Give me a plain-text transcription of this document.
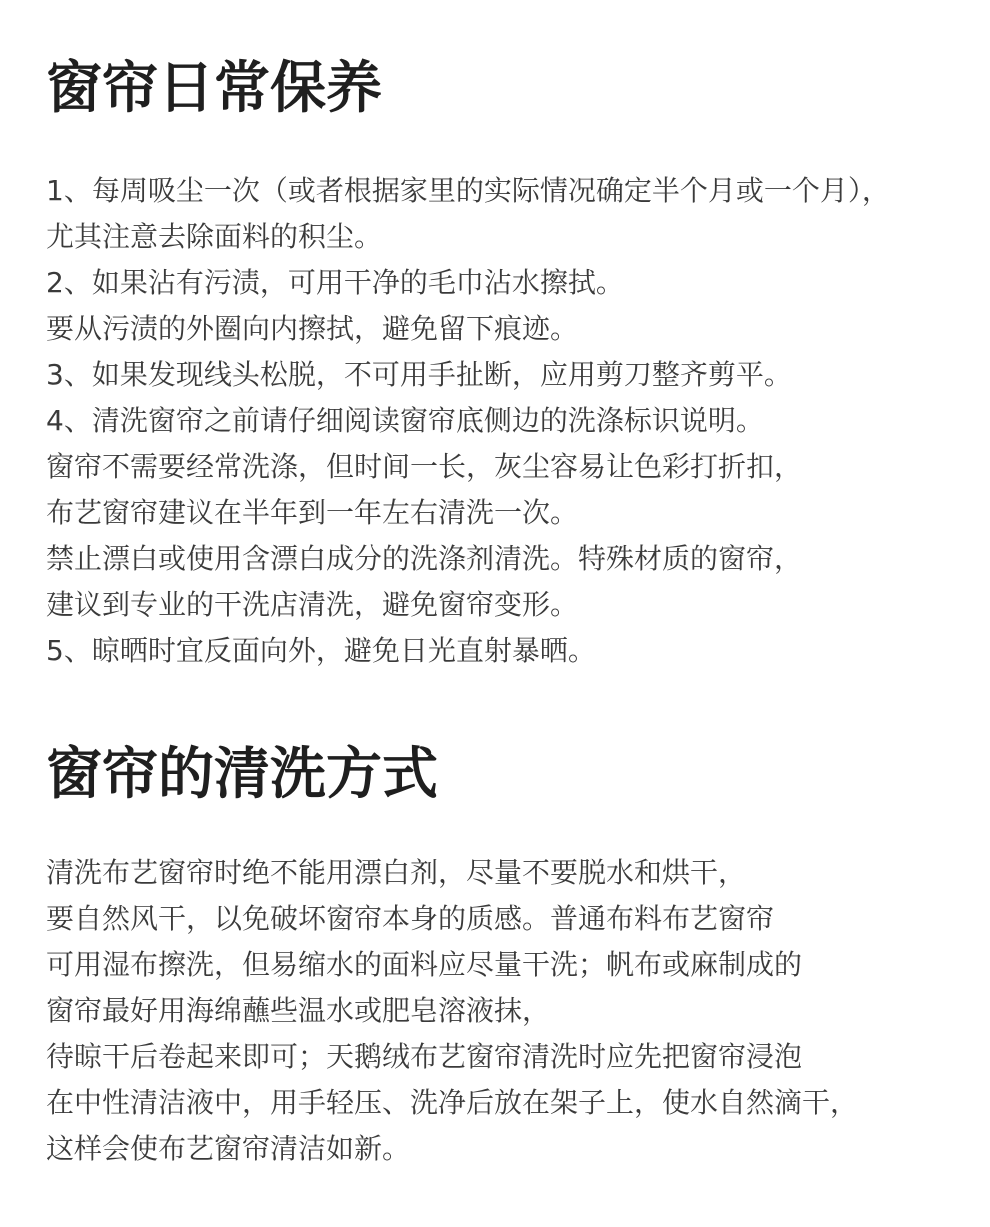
窗帘日常保养
1、每周吸尘一次（或者根据家里的实际情况确定半个月或一个月），
尤其注意去除面料的积尘。
2、如果沾有污渍，可用干净的毛巾沾水擦拭。
要从污渍的外圈向内擦拭，避免留下痕迹。
3、如果发现线头松脱，不可用手扯断，应用剪刀整齐剪平。
4、清洗窗帘之前请仔细阅读窗帘底侧边的洗涤标识说明。
窗帘不需要经常洗涤，但时间一长，灰尘容易让色彩打折扣，
布艺窗帘建议在半年到一年左右清洗一次。
禁止漂白或使用含漂白成分的洗涤剂清洗。特殊材质的窗帘，
建议到专业的干洗店清洗，避免窗帘变形。
5、晾晒时宜反面向外，避免日光直射暴晒。
窗帘的清洗方式
清洗布艺窗帘时绝不能用漂白剂，尽量不要脱水和烘干，
要自然风干，以免破坏窗帘本身的质感。普通布料布艺窗帘
可用湿布擦洗，但易缩水的面料应尽量干洗；帆布或麻制成的
窗帘最好用海绵蘸些温水或肥皂溶液抹，
待晾干后卷起来即可；天鹅绒布艺窗帘清洗时应先把窗帘浸泡
在中性清洁液中，用手轻压、洗净后放在架子上，使水自然滴干，
这样会使布艺窗帘清洁如新。
